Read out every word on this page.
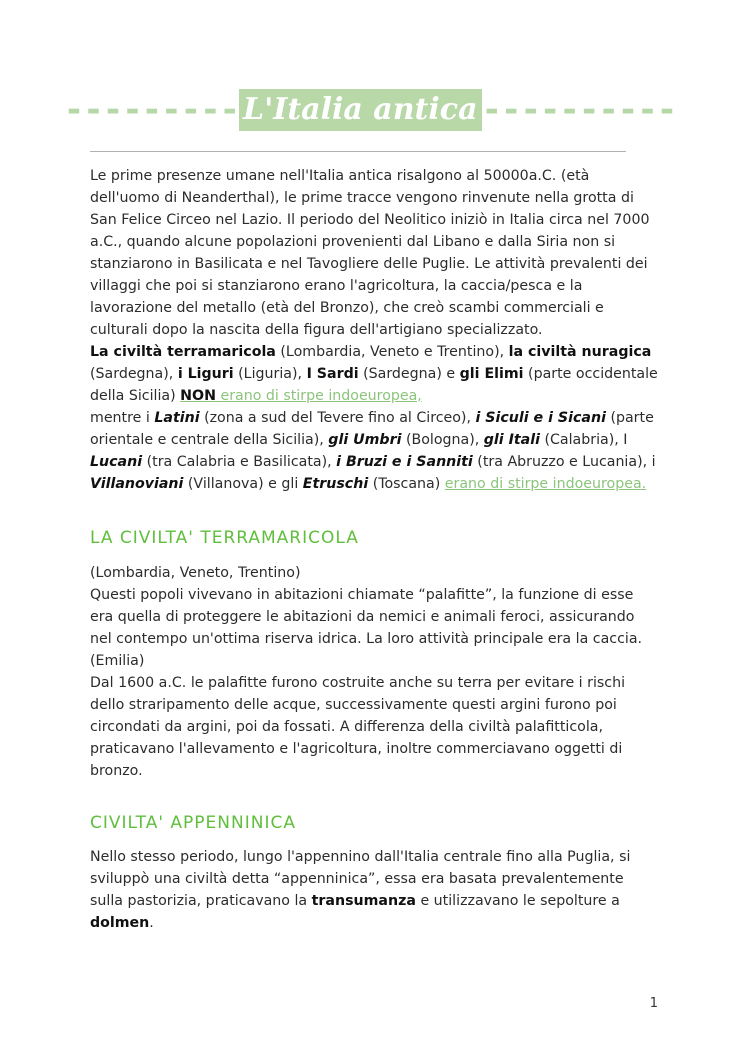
--------- L'Italia antica ----------
Le prime presenze umane nell'Italia antica risalgono al 50000a.C. (età dell'uomo di Neanderthal), le prime tracce vengono rinvenute nella grotta di San Felice Circeo nel Lazio. Il periodo del Neolitico iniziò in Italia circa nel 7000 a.C., quando alcune popolazioni provenienti dal Libano e dalla Siria non si stanziarono in Basilicata e nel Tavogliere delle Puglie. Le attività prevalenti dei villaggi che poi si stanziarono erano l'agricoltura, la caccia/pesca e la lavorazione del metallo (età del Bronzo), che creò scambi commerciali e culturali dopo la nascita della figura dell'artigiano specializzato.
La civiltà terramaricola (Lombardia, Veneto e Trentino), la civiltà nuragica (Sardegna), i Liguri (Liguria), I Sardi (Sardegna) e gli Elimi (parte occidentale della Sicilia) NON erano di stirpe indoeuropea,
mentre i Latini (zona a sud del Tevere fino al Circeo), i Siculi e i Sicani (parte orientale e centrale della Sicilia), gli Umbri (Bologna), gli Itali (Calabria), I Lucani (tra Calabria e Basilicata), i Bruzi e i Sanniti (tra Abruzzo e Lucania), i Villanoviani (Villanova) e gli Etruschi (Toscana) erano di stirpe indoeuropea.
LA CIVILTA' TERRAMARICOLA
(Lombardia, Veneto, Trentino)
Questi popoli vivevano in abitazioni chiamate “palafitte”, la funzione di esse era quella di proteggere le abitazioni da nemici e animali feroci, assicurando nel contempo un'ottima riserva idrica. La loro attività principale era la caccia.
(Emilia)
Dal 1600 a.C. le palafitte furono costruite anche su terra per evitare i rischi dello straripamento delle acque, successivamente questi argini furono poi circondati da argini, poi da fossati. A differenza della civiltà palafitticola, praticavano l'allevamento e l'agricoltura, inoltre commerciavano oggetti di bronzo.
CIVILTA' APPENNINICA
Nello stesso periodo, lungo l'appennino dall'Italia centrale fino alla Puglia, si sviluppò una civiltà detta “appenninica”, essa era basata prevalentemente sulla pastorizia, praticavano la transumanza e utilizzavano le sepolture a dolmen.
1
